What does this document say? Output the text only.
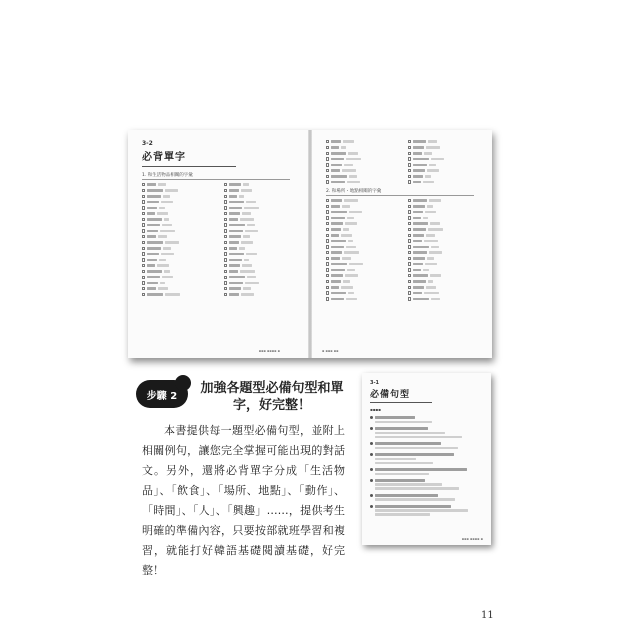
3-2
必背單字
1. 和生活物品相關的字彙
▪▪▪ ▪▪▪▪ ▪
2. 和場所・地點相關的字彙
▪ ▪▪▪ ▪▪
步驟 2	加強各題型必備句型和單字，好完整！

本書提供每一題型必備句型，並附上相關例句，讓您完全掌握可能出現的對話文。另外，還將必背單字分成「生活物品」、「飲食」、「場所、地點」、「動作」、「時間」、「人」、「興趣」……，提供考生明確的準備內容，只要按部就班學習和複習，就能打好韓語基礎閱讀基礎，好完整！

3-1
必備句型
▪▪▪▪
▪▪▪ ▪▪▪▪ ▪
11
